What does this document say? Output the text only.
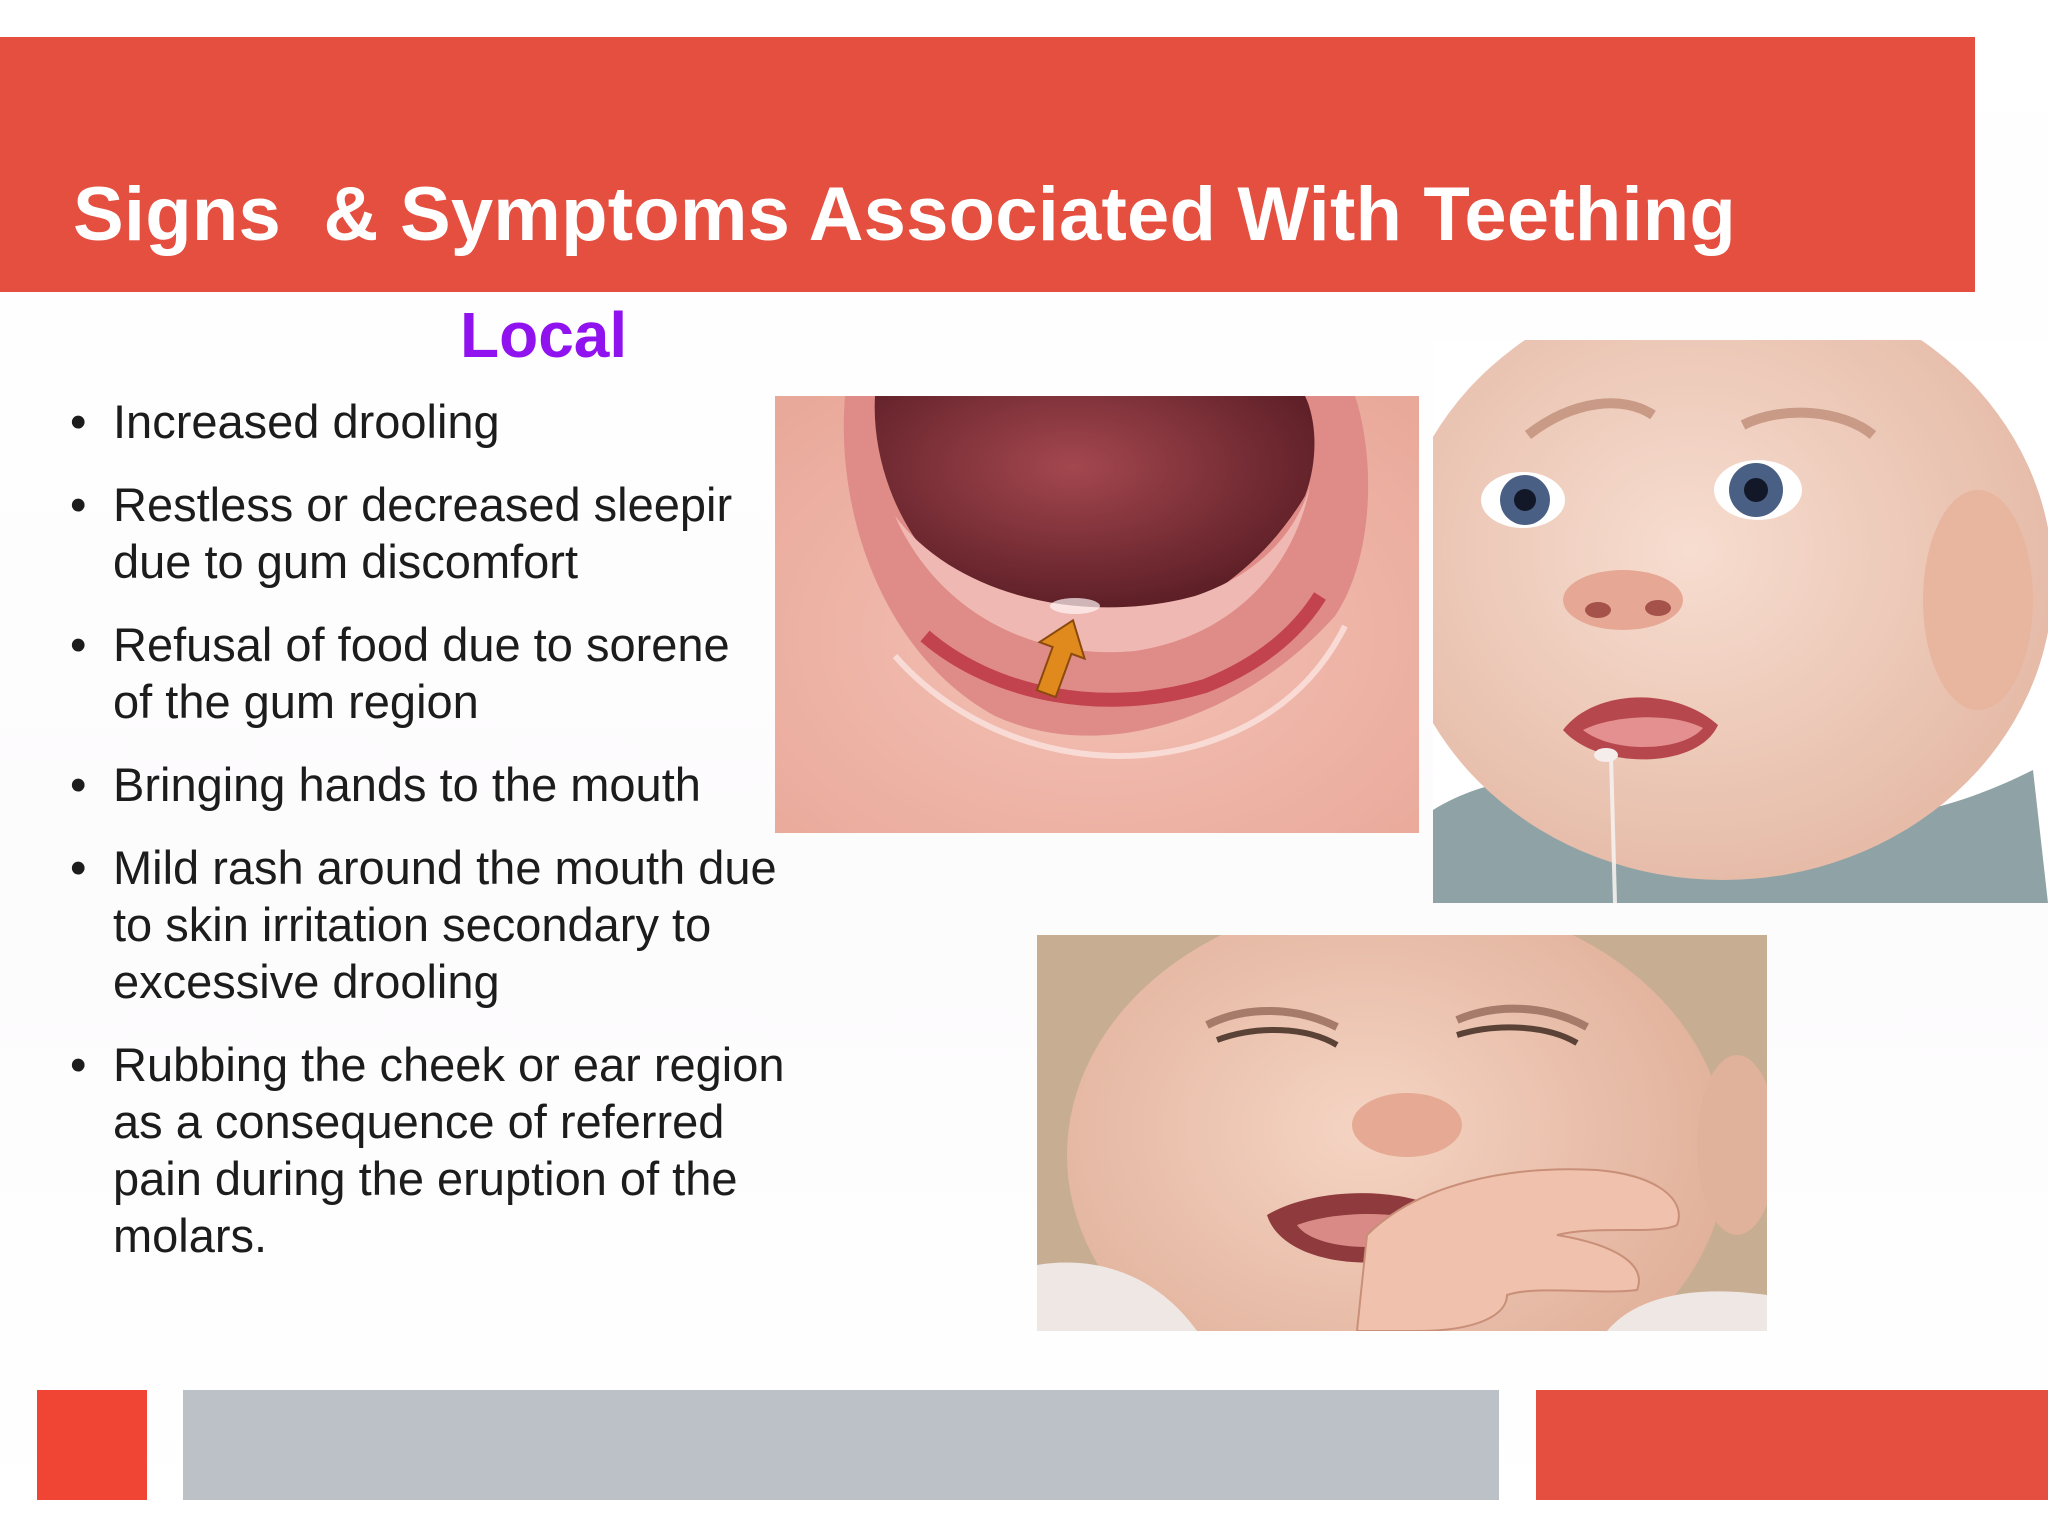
Signs  & Symptoms Associated With Teething
Local
• Increased drooling
• Restless or decreased sleepir
due to gum discomfort
• Refusal of food due to sorene
of the gum region
• Bringing hands to the mouth
• Mild rash around the mouth due
to skin irritation secondary to
excessive drooling
• Rubbing the cheek or ear region
as a consequence of referred
pain during the eruption of the
molars.
